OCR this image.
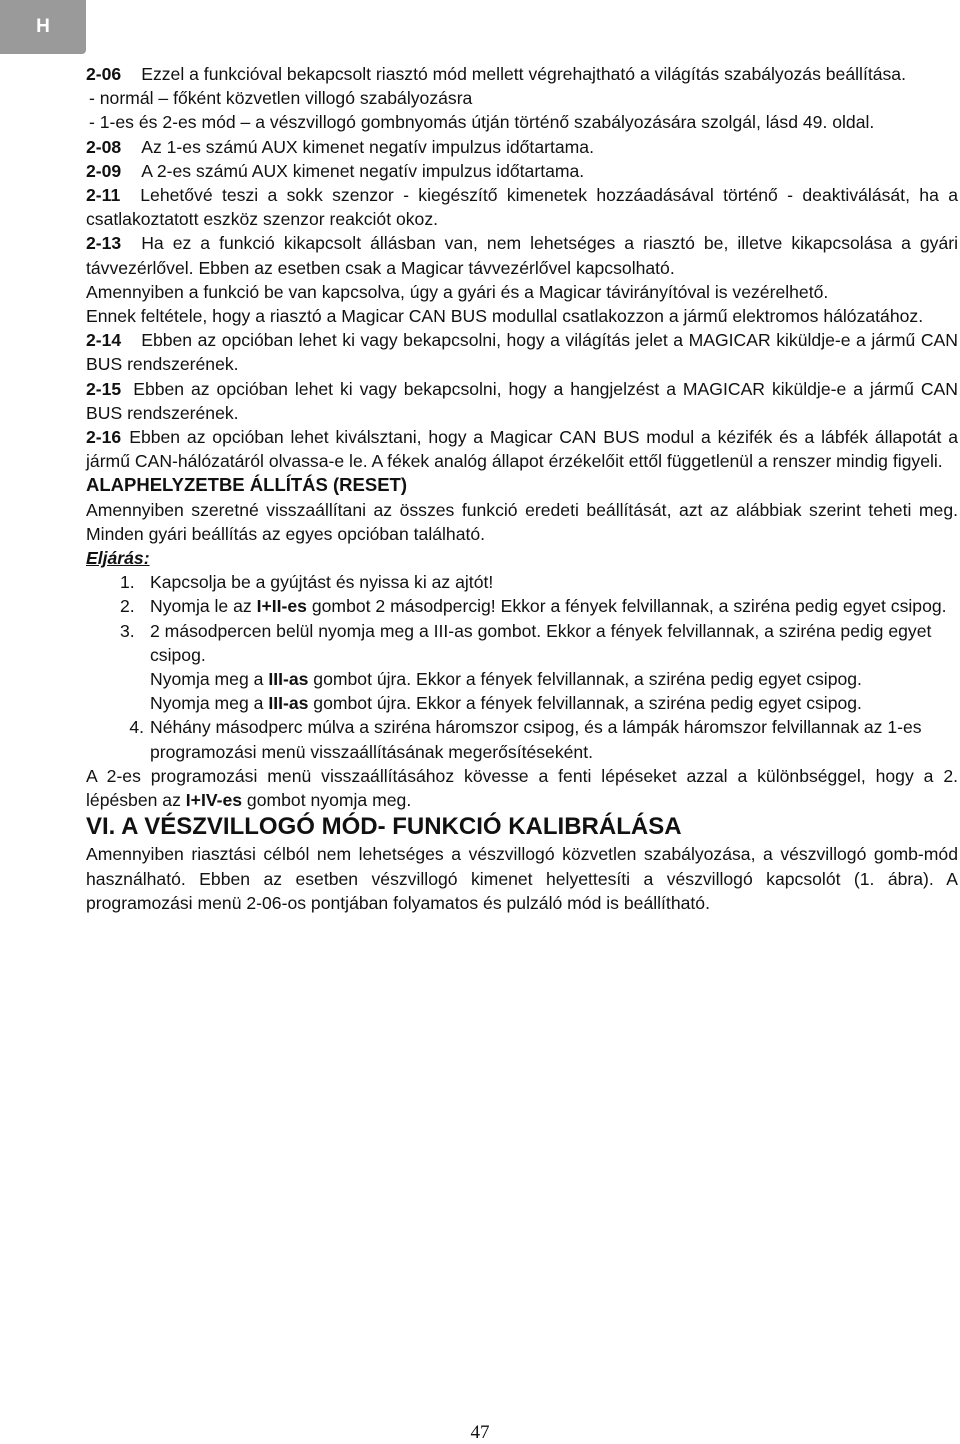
H

2-06 Ezzel a funkcióval bekapcsolt riasztó mód mellett végrehajtható a világítás szabályozás beállítása.

- normál – főként közvetlen villogó szabályozásra

- 1-es és 2-es mód – a vészvillogó gombnyomás útján történő szabályozására szolgál, lásd 49. oldal.

2-08 Az 1-es számú AUX kimenet negatív impulzus időtartama.

2-09 A 2-es számú AUX kimenet negatív impulzus időtartama.

2-11 Lehetővé teszi a sokk szenzor - kiegészítő kimenetek hozzáadásával történő - deaktiválását, ha a csatlakoztatott eszköz szenzor reakciót okoz.

2-13 Ha ez a funkció kikapcsolt állásban van, nem lehetséges a riasztó be, illetve kikapcsolása a gyári távvezérlővel. Ebben az esetben csak a Magicar távvezérlővel kapcsolható.

Amennyiben a funkció be van kapcsolva, úgy a gyári és a Magicar távirányítóval is vezérelhető.

Ennek feltétele, hogy a riasztó a Magicar CAN BUS modullal csatlakozzon a jármű elektromos hálózatához.

2-14 Ebben az opcióban lehet ki vagy bekapcsolni, hogy a világítás jelet a MAGICAR kiküldje-e a jármű CAN BUS rendszerének.

2-15 Ebben az opcióban lehet ki vagy bekapcsolni, hogy a hangjelzést a MAGICAR kiküldje-e a jármű CAN BUS rendszerének.

2-16 Ebben az opcióban lehet kiválsztani, hogy a Magicar CAN BUS modul a kézifék és a lábfék állapotát a jármű CAN-hálózatáról olvassa-e le. A fékek analóg állapot érzékelőit ettől függetlenül a renszer mindig figyeli.

ALAPHELYZETBE ÁLLÍTÁS (RESET)

Amennyiben szeretné visszaállítani az összes funkció eredeti beállítását, azt az alábbiak szerint teheti meg. Minden gyári beállítás az egyes opcióban található.

Eljárás:

1. Kapcsolja be a gyújtást és nyissa ki az ajtót!

2. Nyomja le az I+II-es gombot 2 másodpercig! Ekkor a fények felvillannak, a sziréna pedig egyet csipog.

3. 2 másodpercen belül nyomja meg a III-as gombot. Ekkor a fények felvillannak, a sziréna pedig egyet csipog.

Nyomja meg a III-as gombot újra. Ekkor a fények felvillannak, a sziréna pedig egyet csipog.

Nyomja meg a III-as gombot újra. Ekkor a fények felvillannak, a sziréna pedig egyet csipog.

4. Néhány másodperc múlva a sziréna háromszor csipog, és a lámpák háromszor felvillannak az 1-es programozási menü visszaállításának megerősítéseként.

A 2-es programozási menü visszaállításához kövesse a fenti lépéseket azzal a különbséggel, hogy a 2. lépésben az I+IV-es gombot nyomja meg.

VI. A VÉSZVILLOGÓ MÓD- FUNKCIÓ KALIBRÁLÁSA

Amennyiben riasztási célból nem lehetséges a vészvillogó közvetlen szabályozása, a vészvillogó gomb-mód használható. Ebben az esetben vészvillogó kimenet helyettesíti a vészvillogó kapcsolót (1. ábra). A programozási menü 2-06-os pontjában folyamatos és pulzáló mód is beállítható.

47
